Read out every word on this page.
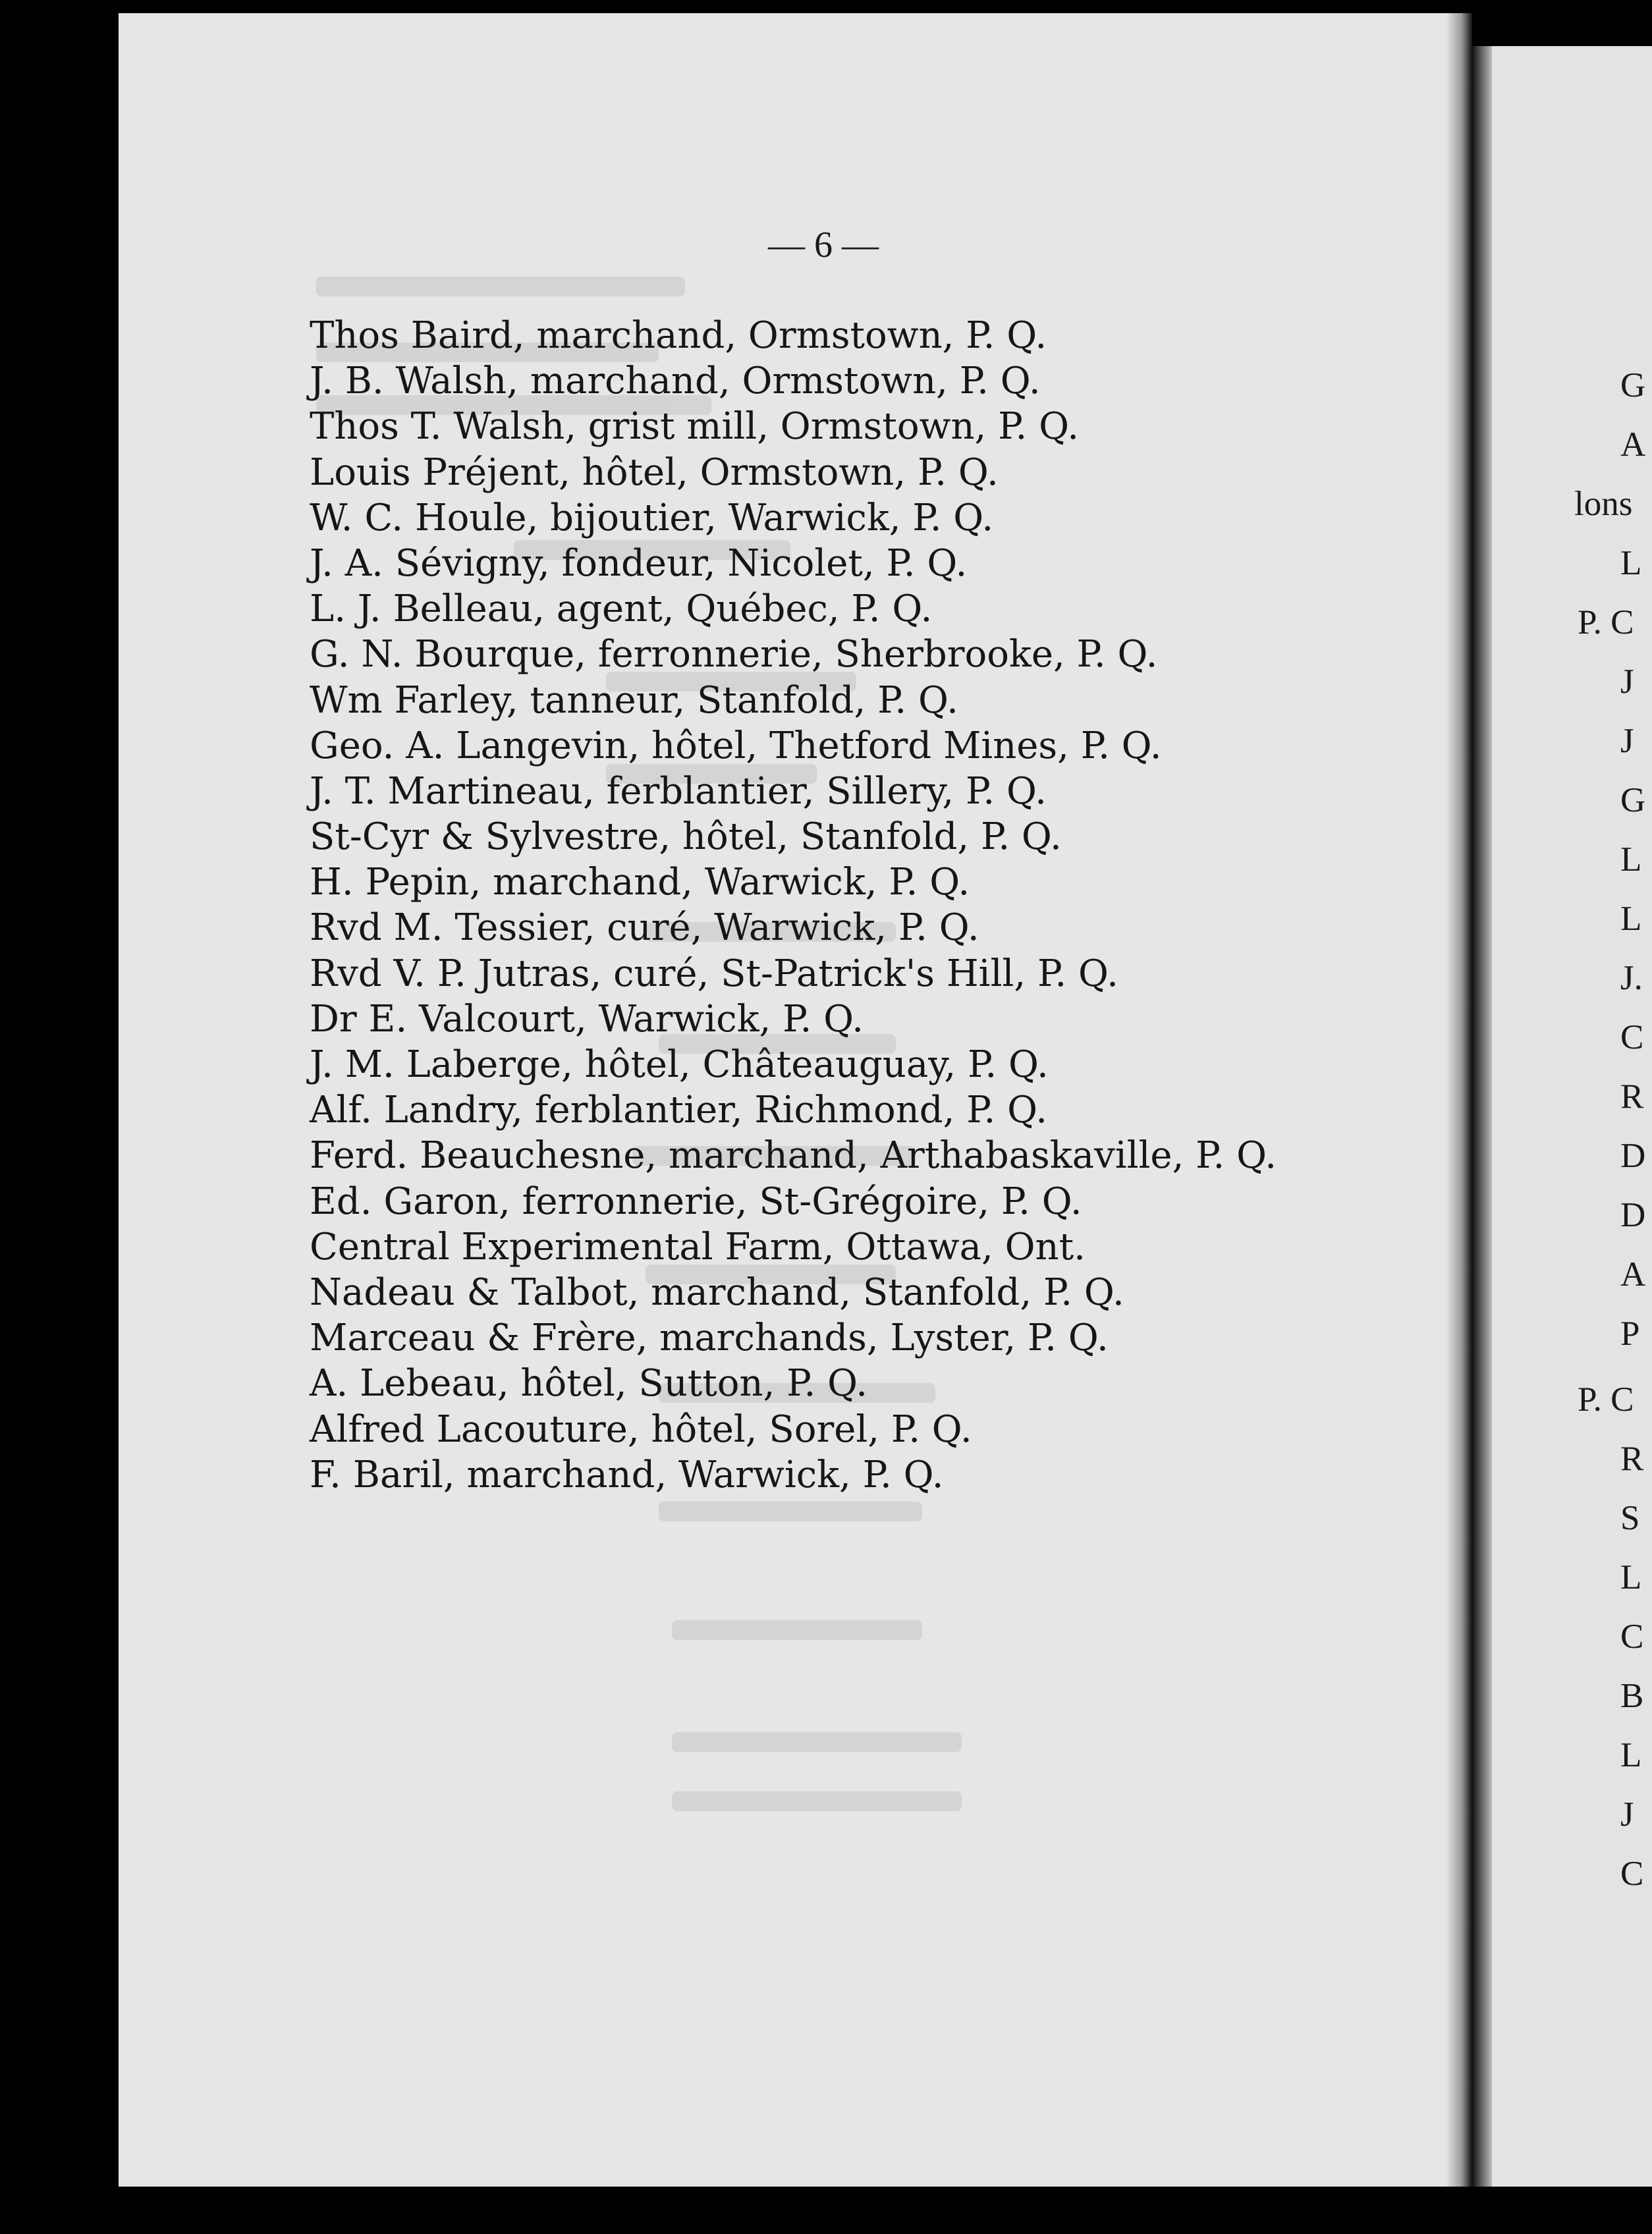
G
A
lons
L
P. C
J
J
G
L
L
J.
C
R
D
D
A
P
P. C
R
S
L
C
B
L
J
C
— 6 —
Thos Baird, marchand, Ormstown, P. Q.
J. B. Walsh, marchand, Ormstown, P. Q.
Thos T. Walsh, grist mill, Ormstown, P. Q.
Louis Préjent, hôtel, Ormstown, P. Q.
W. C. Houle, bijoutier, Warwick, P. Q.
J. A. Sévigny, fondeur, Nicolet, P. Q.
L. J. Belleau, agent, Québec, P. Q.
G. N. Bourque, ferronnerie, Sherbrooke, P. Q.
Wm Farley, tanneur, Stanfold, P. Q.
Geo. A. Langevin, hôtel, Thetford Mines, P. Q.
J. T. Martineau, ferblantier, Sillery, P. Q.
St-Cyr & Sylvestre, hôtel, Stanfold, P. Q.
H. Pepin, marchand, Warwick, P. Q.
Rvd M. Tessier, curé, Warwick, P. Q.
Rvd V. P. Jutras, curé, St-Patrick's Hill, P. Q.
Dr E. Valcourt, Warwick, P. Q.
J. M. Laberge, hôtel, Châteauguay, P. Q.
Alf. Landry, ferblantier, Richmond, P. Q.
Ferd. Beauchesne, marchand, Arthabaskaville, P. Q.
Ed. Garon, ferronnerie, St-Grégoire, P. Q.
Central Experimental Farm, Ottawa, Ont.
Nadeau & Talbot, marchand, Stanfold, P. Q.
Marceau & Frère, marchands, Lyster, P. Q.
A. Lebeau, hôtel, Sutton, P. Q.
Alfred Lacouture, hôtel, Sorel, P. Q.
F. Baril, marchand, Warwick, P. Q.
